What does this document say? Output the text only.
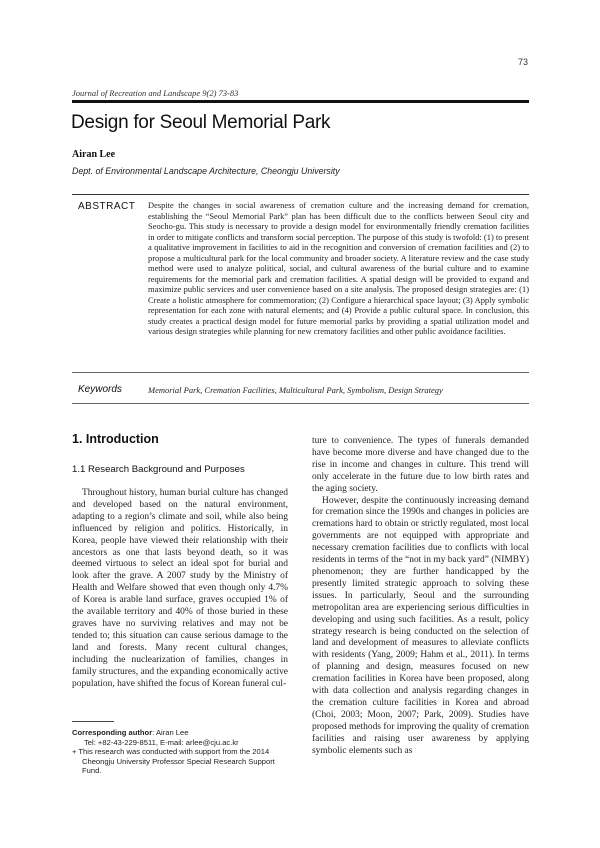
73
Journal of Recreation and Landscape 9(2) 73-83
Design for Seoul Memorial Park
Airan Lee
Dept. of Environmental Landscape Architecture, Cheongju University
ABSTRACT Despite the changes in social awareness of cremation culture and the increasing demand for cremation, establishing the “Seoul Memorial Park” plan has been difficult due to the conflicts between Seoul city and Seocho-gu. This study is necessary to provide a design model for environmentally friendly cremation facilities in order to mitigate conflicts and transform social perception. The purpose of this study is twofold: (1) to present a qualitative improvement in facilities to aid in the recognition and conversion of cremation facilities and (2) to propose a multicultural park for the local community and broader society. A literature review and the case study method were used to analyze political, social, and cultural awareness of the burial culture and to examine requirements for the memorial park and cremation facilities. A spatial design will be provided to expand and maximize public services and user convenience based on a site analysis. The proposed design strategies are: (1) Create a holistic atmosphere for commemoration; (2) Configure a hierarchical space layout; (3) Apply symbolic representation for each zone with natural elements; and (4) Provide a public cultural space. In conclusion, this study creates a practical design model for future memorial parks by providing a spatial utilization model and various design strategies while planning for new crematory facilities and other public avoidance facilities.
Keywords	Memorial Park, Cremation Facilities, Multicultural Park, Symbolism, Design Strategy
1. Introduction
1.1 Research Background and Purposes

Throughout history, human burial culture has changed and developed based on the natural environment, adapting to a region’s climate and soil, while also being influenced by religion and politics. Historically, in Korea, people have viewed their relationship with their ancestors as one that lasts beyond death, so it was deemed virtuous to select an ideal spot for burial and look after the grave. A 2007 study by the Ministry of Health and Welfare showed that even though only 4.7% of Korea is arable land surface, graves occupied 1% of the available territory and 40% of those buried in these graves have no surviving relatives and may not be tended to; this situation can cause serious damage to the land and forests. Many recent cultural changes, including the nuclearization of families, changes in family structures, and the expanding economically active population, have shifted the focus of Korean funeral cul-

ture to convenience. The types of funerals demanded have become more diverse and have changed due to the rise in income and changes in culture. This trend will only accelerate in the future due to low birth rates and the aging society.

However, despite the continuously increasing demand for cremation since the 1990s and changes in policies are cremations hard to obtain or strictly regulated, most local governments are not equipped with appropriate and necessary cremation facilities due to conflicts with local residents in terms of the “not in my back yard” (NIMBY) phenomenon; they are further handicapped by the presently limited strategic approach to solving these issues. In particularly, Seoul and the surrounding metropolitan area are experiencing serious difficulties in developing and using such facilities. As a result, policy strategy research is being conducted on the selection of land and development of measures to alleviate conflicts with residents (Yang, 2009; Hahm et al., 2011). In terms of planning and design, measures focused on new cremation facilities in Korea have been proposed, along with data collection and analysis regarding changes in the cremation culture facilities in Korea and abroad (Choi, 2003; Moon, 2007; Park, 2009). Studies have proposed methods for improving the quality of cremation facilities and raising user awareness by applying symbolic elements such as

Corresponding author: Airan Lee
Tel: +82-43-229-8511, E-mail: arlee@cju.ac.kr
+ This research was conducted with support from the 2014
Cheongju University Professor Special Research Support
Fund.
